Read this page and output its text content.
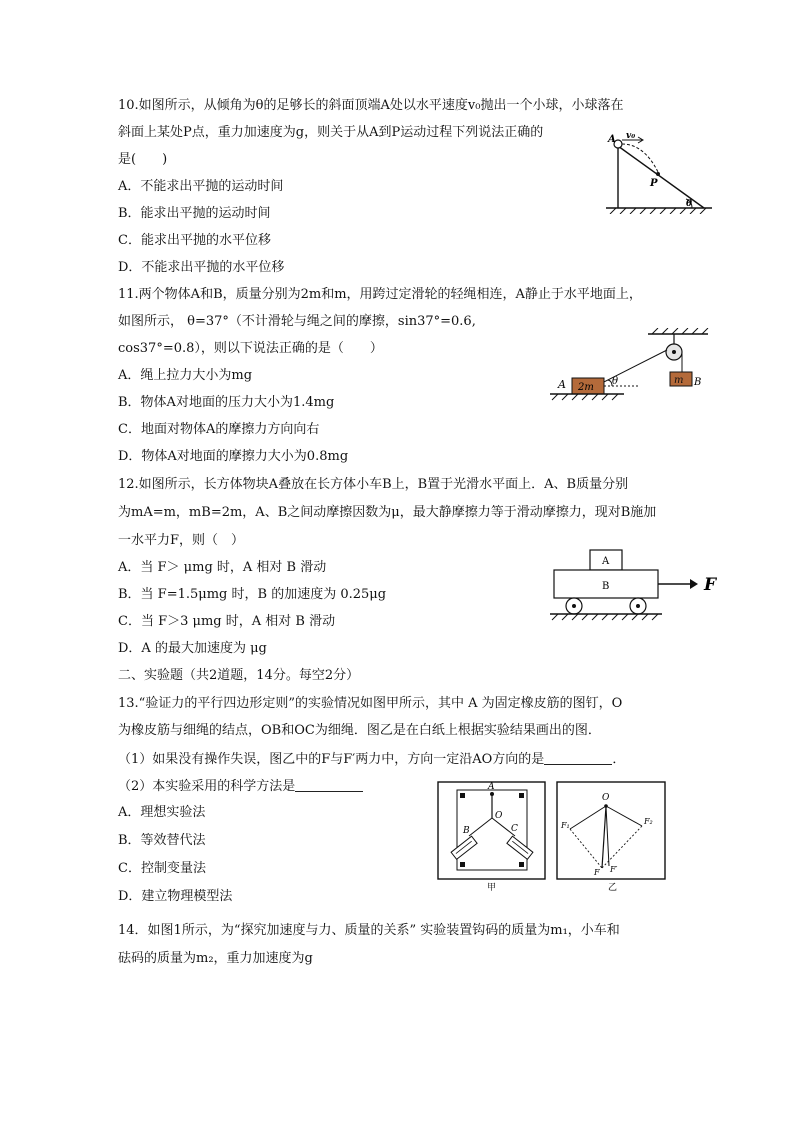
10.如图所示，从倾角为θ的足够长的斜面顶端A处以水平速度v₀抛出一个小球，小球落在
斜面上某处P点，重力加速度为g，则关于从A到P运动过程下列说法正确的
是(　　)
A．不能求出平抛的运动时间
B．能求出平抛的运动时间
C．能求出平抛的水平位移
D．不能求出平抛的水平位移
A v₀
P
θ
11.两个物体A和B，质量分别为2m和m，用跨过定滑轮的轻绳相连，A静止于水平地面上，
如图所示， θ=37°（不计滑轮与绳之间的摩擦，sin37°=0.6,
cos37°=0.8），则以下说法正确的是（　　）
A．绳上拉力大小为mg
B．物体A对地面的压力大小为1.4mg
C．地面对物体A的摩擦力方向向右
D．物体A对地面的摩擦力大小为0.8mg
m B
θ
2m
A
12.如图所示，长方体物块A叠放在长方体小车B上，B置于光滑水平面上．A、B质量分别
为mA=m，mB=2m，A、B之间动摩擦因数为μ，最大静摩擦力等于滑动摩擦力，现对B施加
一水平力F，则（　）
A．当 F＞ μmg 时，A 相对 B 滑动
B．当 F=1.5μmg 时，B 的加速度为 0.25μg
C．当 F＞3 μmg 时，A 相对 B 滑动
D．A 的最大加速度为 μg
A
B	F
二、实验题（共2道题，14分。每空2分）
13.“验证力的平行四边形定则”的实验情况如图甲所示，其中 A 为固定橡皮筋的图钉，O
为橡皮筋与细绳的结点，OB和OC为细绳．图乙是在白纸上根据实验结果画出的图．
（1）如果没有操作失误，图乙中的F与F′两力中，方向一定沿AO方向的是	．
（2）本实验采用的科学方法是
A．理想实验法
B．等效替代法
C．控制变量法
D．建立物理模型法
A
O
B	C
甲
O
F₁	F₂
F F′
乙
14．如图1所示，为“探究加速度与力、质量的关系” 实验装置钩码的质量为m₁，小车和
砝码的质量为m₂，重力加速度为g
